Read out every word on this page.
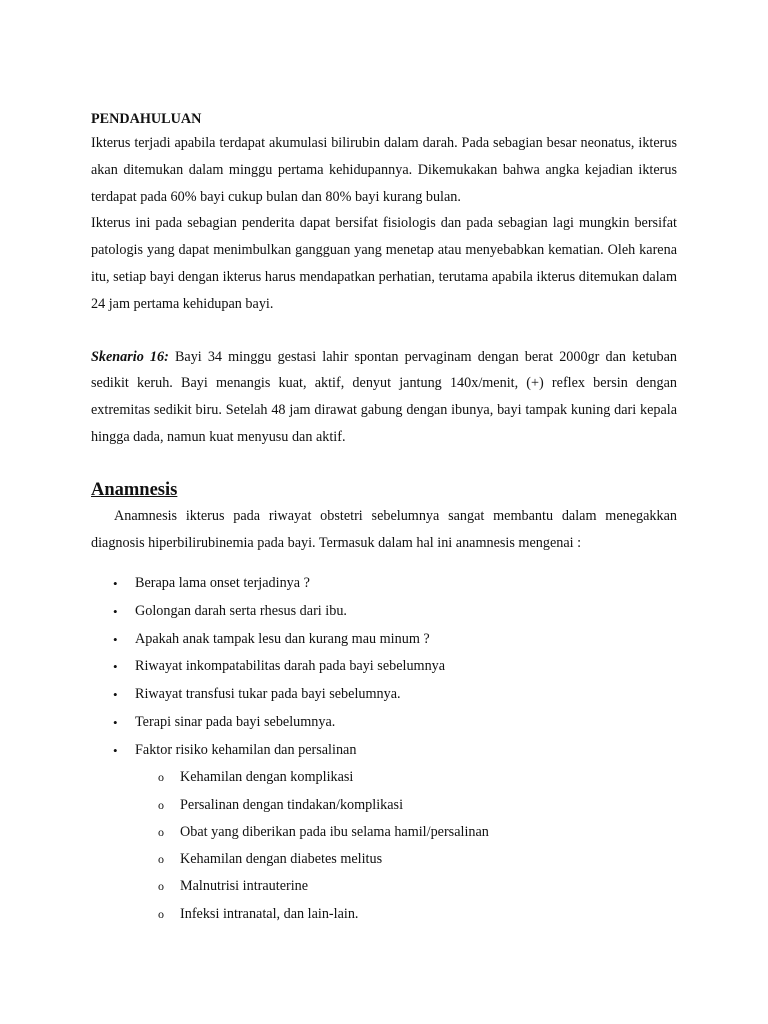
PENDAHULUAN

Ikterus terjadi apabila terdapat akumulasi bilirubin dalam darah. Pada sebagian besar neonatus, ikterus akan ditemukan dalam minggu pertama kehidupannya. Dikemukakan bahwa angka kejadian ikterus terdapat pada 60% bayi cukup bulan dan 80% bayi kurang bulan.

Ikterus ini pada sebagian penderita dapat bersifat fisiologis dan pada sebagian lagi mungkin bersifat patologis yang dapat menimbulkan gangguan yang menetap atau menyebabkan kematian. Oleh karena itu, setiap bayi dengan ikterus harus mendapatkan perhatian, terutama apabila ikterus ditemukan dalam 24 jam pertama kehidupan bayi.

Skenario 16: Bayi 34 minggu gestasi lahir spontan pervaginam dengan berat 2000gr dan ketuban sedikit keruh. Bayi menangis kuat, aktif, denyut jantung 140x/menit, (+) reflex bersin dengan extremitas sedikit biru. Setelah 48 jam dirawat gabung dengan ibunya, bayi tampak kuning dari kepala hingga dada, namun kuat menyusu dan aktif.

Anamnesis

Anamnesis ikterus pada riwayat obstetri sebelumnya sangat membantu dalam menegakkan diagnosis hiperbilirubinemia pada bayi. Termasuk dalam hal ini anamnesis mengenai :

• Berapa lama onset terjadinya ?
• Golongan darah serta rhesus dari ibu.
• Apakah anak tampak lesu dan kurang mau minum ?
• Riwayat inkompatabilitas darah pada bayi sebelumnya
• Riwayat transfusi tukar pada bayi sebelumnya.
• Terapi sinar pada bayi sebelumnya.
• Faktor risiko kehamilan dan persalinan
o Kehamilan dengan komplikasi
o Persalinan dengan tindakan/komplikasi
o Obat yang diberikan pada ibu selama hamil/persalinan
o Kehamilan dengan diabetes melitus
o Malnutrisi intrauterine
o Infeksi intranatal, dan lain-lain.
